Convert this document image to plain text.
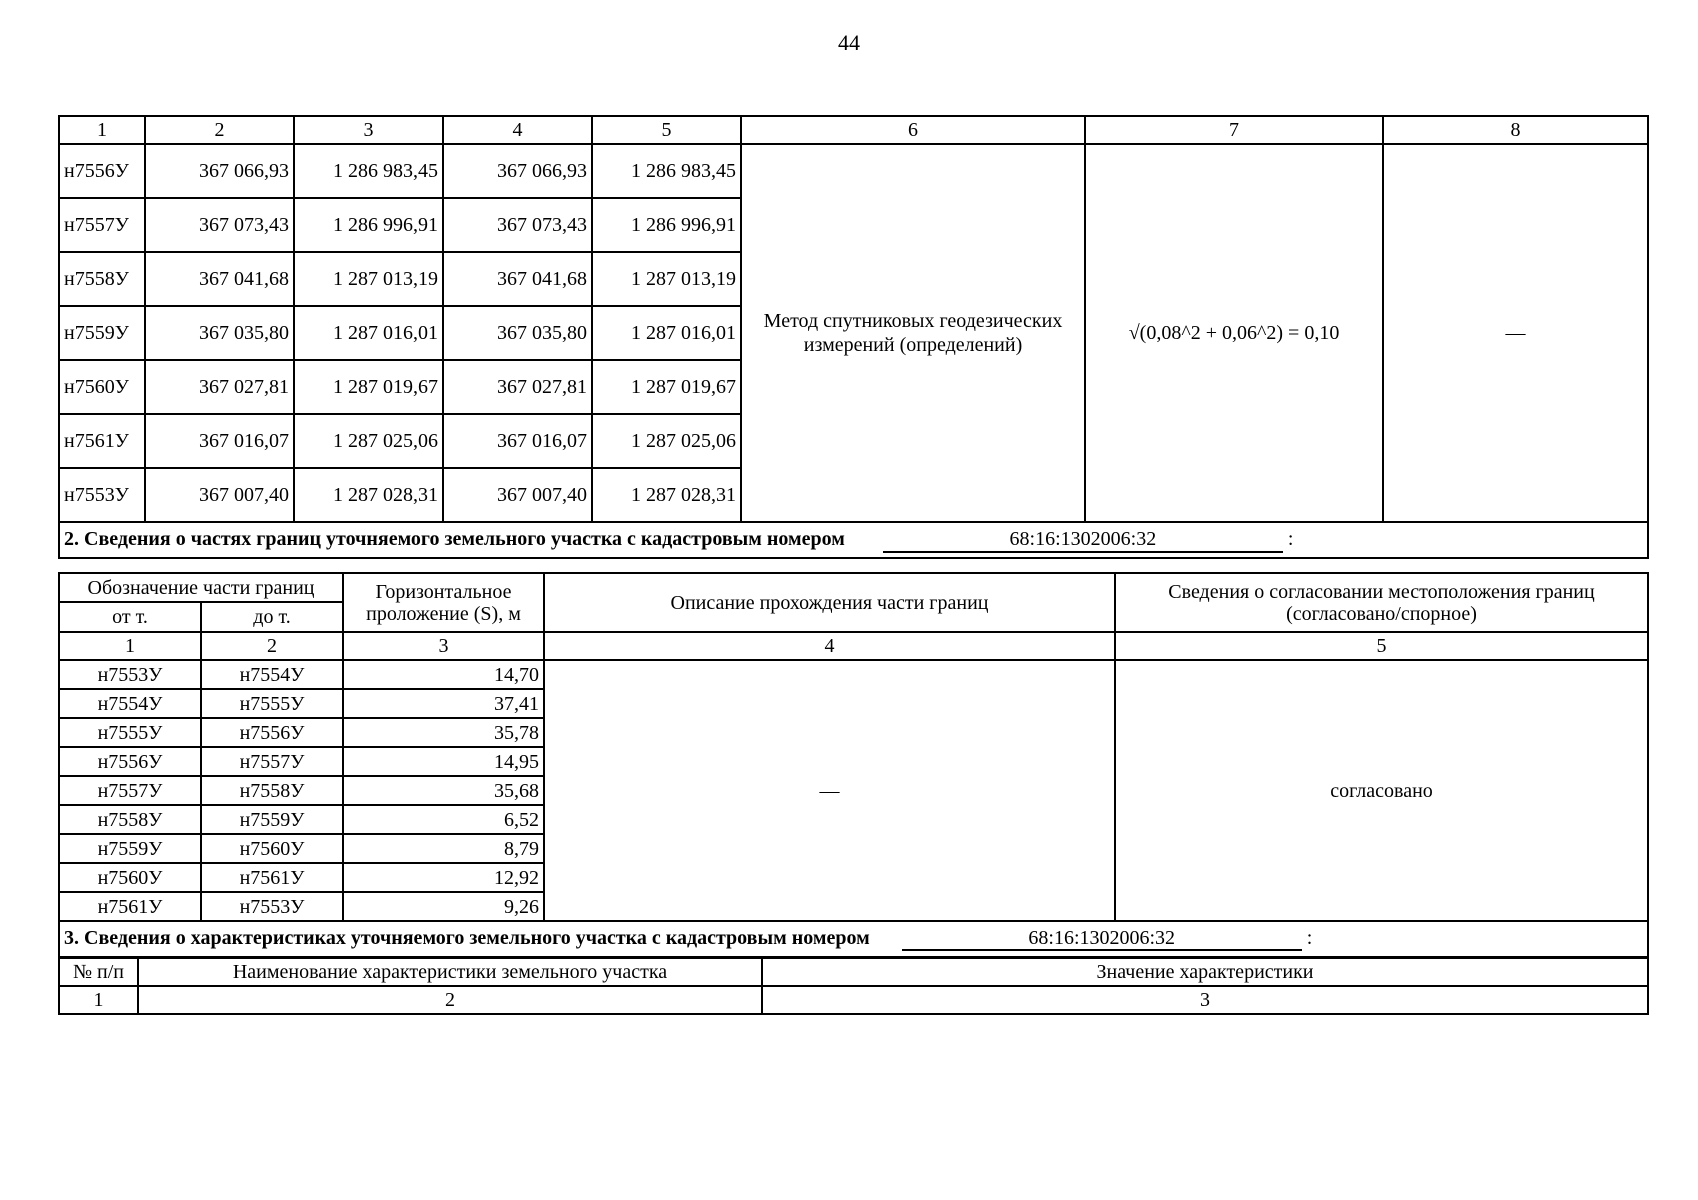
44
1	2	3	4	5	6	7	8
н7556У	367 066,93	1 286 983,45	367 066,93	1 286 983,45	Метод спутниковых геодезических измерений (определений)	√(0,08^2 + 0,06^2) = 0,10	—
н7557У	367 073,43	1 286 996,91	367 073,43	1 286 996,91			
н7558У	367 041,68	1 287 013,19	367 041,68	1 287 013,19			
н7559У	367 035,80	1 287 016,01	367 035,80	1 287 016,01			
н7560У	367 027,81	1 287 019,67	367 027,81	1 287 019,67			
н7561У	367 016,07	1 287 025,06	367 016,07	1 287 025,06			
н7553У	367 007,40	1 287 028,31	367 007,40	1 287 028,31			
2. Сведения о частях границ уточняемого земельного участка с кадастровым номером 68:16:1302006:32 :							
Обозначение части границ		Горизонтальное проложение (S), м	Описание прохождения части границ	Сведения о согласовании местоположения границ (согласовано/спорное)
от т.	до т.			
1	2	3	4	5
н7553У	н7554У	14,70	—	согласовано
н7554У	н7555У	37,41		
н7555У	н7556У	35,78		
н7556У	н7557У	14,95		
н7557У	н7558У	35,68		
н7558У	н7559У	6,52		
н7559У	н7560У	8,79		
н7560У	н7561У	12,92		
н7561У	н7553У	9,26		
3. Сведения о характеристиках уточняемого земельного участка с кадастровым номером 68:16:1302006:32 :				
№ п/п	Наименование характеристики земельного участка	Значение характеристики
1	2	3
